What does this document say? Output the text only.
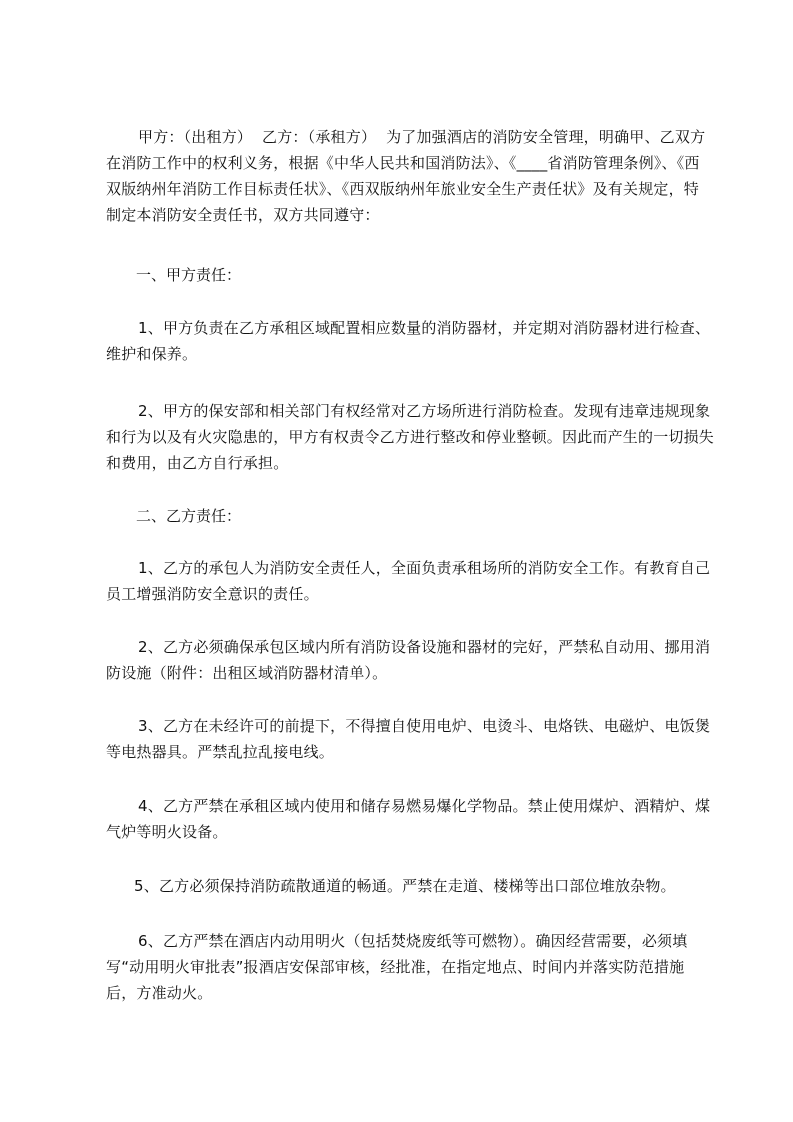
甲方：（出租方）  乙方：（承租方）  为了加强酒店的消防安全管理，明确甲、乙双方在消防工作中的权利义务，根据《中华人民共和国消防法》、《____省消防管理条例》、《西双版纳州年消防工作目标责任状》、《西双版纳州年旅业安全生产责任状》及有关规定，特制定本消防安全责任书，双方共同遵守：
一、甲方责任：
1、甲方负责在乙方承租区域配置相应数量的消防器材，并定期对消防器材进行检查、维护和保养。
2、甲方的保安部和相关部门有权经常对乙方场所进行消防检查。发现有违章违规现象和行为以及有火灾隐患的，甲方有权责令乙方进行整改和停业整顿。因此而产生的一切损失和费用，由乙方自行承担。
二、乙方责任：
1、乙方的承包人为消防安全责任人，全面负责承租场所的消防安全工作。有教育自己员工增强消防安全意识的责任。
2、乙方必须确保承包区域内所有消防设备设施和器材的完好，严禁私自动用、挪用消防设施（附件：出租区域消防器材清单）。
3、乙方在未经许可的前提下，不得擅自使用电炉、电烫斗、电烙铁、电磁炉、电饭煲等电热器具。严禁乱拉乱接电线。
4、乙方严禁在承租区域内使用和储存易燃易爆化学物品。禁止使用煤炉、酒精炉、煤气炉等明火设备。
5、乙方必须保持消防疏散通道的畅通。严禁在走道、楼梯等出口部位堆放杂物。
6、乙方严禁在酒店内动用明火（包括焚烧废纸等可燃物）。确因经营需要，必须填写“动用明火审批表”报酒店安保部审核，经批准，在指定地点、时间内并落实防范措施后，方准动火。
